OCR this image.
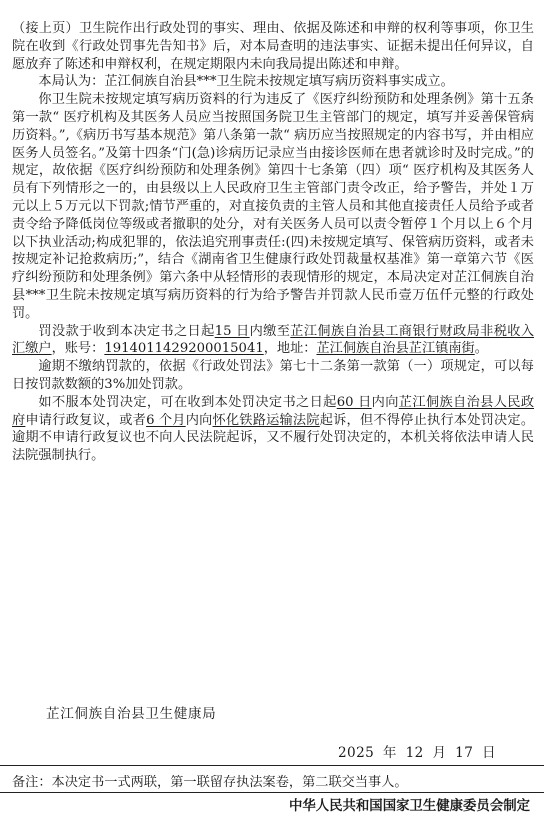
（接上页）卫生院作出行政处罚的事实、理由、依据及陈述和申辩的权利等事项，你卫生院在收到《行政处罚事先告知书》后，对本局查明的违法事实、证据未提出任何异议，自愿放弃了陈述和申辩权利，在规定期限内未向我局提出陈述和申辩。

本局认为：芷江侗族自治县***卫生院未按规定填写病历资料事实成立。

你卫生院未按规定填写病历资料的行为违反了《医疗纠纷预防和处理条例》第十五条第一款“ 医疗机构及其医务人员应当按照国务院卫生主管部门的规定，填写并妥善保管病历资料。”,《病历书写基本规范》第八条第一款“ 病历应当按照规定的内容书写，并由相应医务人员签名。”及第十四条“门(急)诊病历记录应当由接诊医师在患者就诊时及时完成。”的规定，故依据《医疗纠纷预防和处理条例》第四十七条第（四）项“ 医疗机构及其医务人员有下列情形之一的，由县级以上人民政府卫生主管部门责令改正，给予警告，并处１万元以上５万元以下罚款;情节严重的，对直接负责的主管人员和其他直接责任人员给予或者责令给予降低岗位等级或者撤职的处分，对有关医务人员可以责令暂停１个月以上６个月以下执业活动;构成犯罪的，依法追究刑事责任:(四)未按规定填写、保管病历资料，或者未按规定补记抢救病历;”，结合《湖南省卫生健康行政处罚裁量权基准》第一章第六节《医疗纠纷预防和处理条例》第六条中从轻情形的表现情形的规定，本局决定对芷江侗族自治县***卫生院未按规定填写病历资料的行为给予警告并罚款人民币壹万伍仟元整的行政处罚。

罚没款于收到本决定书之日起15 日内缴至芷江侗族自治县工商银行财政局非税收入汇缴户，账号：1914011429200015041，地址：芷江侗族自治县芷江镇南街。

逾期不缴纳罚款的，依据《行政处罚法》第七十二条第一款第（一）项规定，可以每日按罚款数额的3%加处罚款。

如不服本处罚决定，可在收到本处罚决定书之日起60 日内向芷江侗族自治县人民政府申请行政复议，或者6 个月内向怀化铁路运输法院起诉，但不得停止执行本处罚决定。逾期不申请行政复议也不向人民法院起诉，又不履行处罚决定的，本机关将依法申请人民法院强制执行。

芷江侗族自治县卫生健康局
2025 年 12 月 17 日
备注：本决定书一式两联，第一联留存执法案卷，第二联交当事人。
中华人民共和国国家卫生健康委员会制定
